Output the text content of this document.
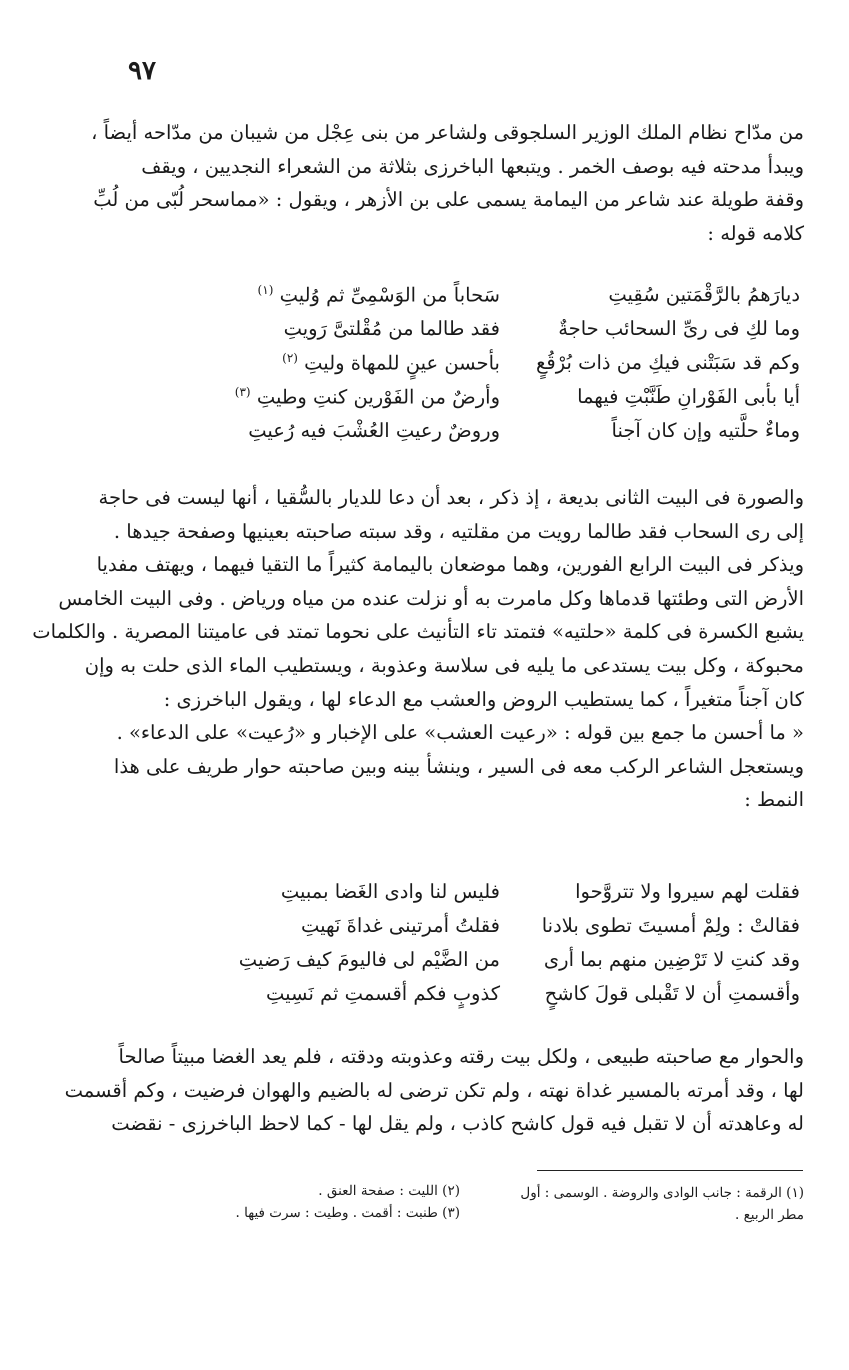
٩٧
من مدّاح نظام الملك الوزير السلجوقى ولشاعر من بنى عِجْل من شيبان من مدّاحه أيضاً ،
ويبدأ مدحته فيه بوصف الخمر . ويتبعها الباخرزى بثلاثة من الشعراء النجديين ، ويقف
وقفة طويلة عند شاعر من اليمامة يسمى على بن الأزهر ، ويقول : «مماسحر لُبّى من لُبِّ
كلامه قوله :
ديارَهمُ بالرَّقْمَتين سُقِيتِ
سَحاباً من الوَسْمِىِّ ثم وُليتِ $^{(١)}$
وما لكِ فى رىِّ السحائب حاجةٌ
فقد طالما من مُقْلتىَّ رَويتِ
وكم قد سَبَتْنى فيكِ من ذات بُرْقُعٍ
بأحسن عينٍ للمهاة وليتِ $^{(٢)}$
أيا بأبى الفَوْرانِ طَنَّبْتِ فيهما
وأرضٌ من الفَوْرين كنتِ وطيتِ $^{(٣)}$
وماءٌ حلَّتيه وإن كان آجناً
وروضٌ رعيتِ العُشْبَ فيه رُعيتِ
والصورة فى البيت الثانى بديعة ، إذ ذكر ، بعد أن دعا للديار بالسُّقيا ، أنها ليست فى حاجة
إلى رى السحاب فقد طالما رويت من مقلتيه ، وقد سبته صاحبته بعينيها وصفحة جيدها .
ويذكر فى البيت الرابع الفورين، وهما موضعان باليمامة كثيراً ما التقيا فيهما ، ويهتف مفديا
الأرض التى وطئتها قدماها وكل مامرت به أو نزلت عنده من مياه ورياض . وفى البيت الخامس
يشبع الكسرة فى كلمة «حلتيه» فتمتد تاء التأنيث على نحوما تمتد فى عاميتنا المصرية . والكلمات
محبوكة ، وكل بيت يستدعى ما يليه فى سلاسة وعذوبة ، ويستطيب الماء الذى حلت به وإن
كان آجناً متغيراً ، كما يستطيب الروض والعشب مع الدعاء لها ، ويقول الباخرزى :
« ما أحسن ما جمع بين قوله : «رعيت العشب» على الإخبار و «رُعيت» على الدعاء» .
ويستعجل الشاعر الركب معه فى السير ، وينشأ بينه وبين صاحبته حوار طريف على هذا
النمط :
فقلت لهم سيروا ولا تتروَّحوا
فليس لنا وادى الغَضا بمبيتِ
فقالتْ : ولِمْ أمسيتَ تطوى بلادنا
فقلتُ أمرتينى غداةَ نَهيتِ
وقد كنتِ لا تَرْضِين منهم بما أرى
من الضَّيْم لى فاليومَ كيف رَضيتِ
وأقسمتِ أن لا تَقْبلى قولَ كاشحٍ
كذوبٍ فكم أقسمتِ ثم نَسِيتِ
والحوار مع صاحبته طبيعى ، ولكل بيت رقته وعذوبته ودقته ، فلم يعد الغضا مبيتاً صالحاً
لها ، وقد أمرته بالمسير غداة نهته ، ولم تكن ترضى له بالضيم والهوان فرضيت ، وكم أقسمت
له وعاهدته أن لا تقبل فيه قول كاشح كاذب ، ولم يقل لها - كما لاحظ الباخرزى - نقضت
(١) الرقمة : جانب الوادى والروضة . الوسمى : أول
مطر الربيع .
(٢) الليت : صفحة العنق .
(٣) طنبت : أقمت . وطيت : سرت فيها .
